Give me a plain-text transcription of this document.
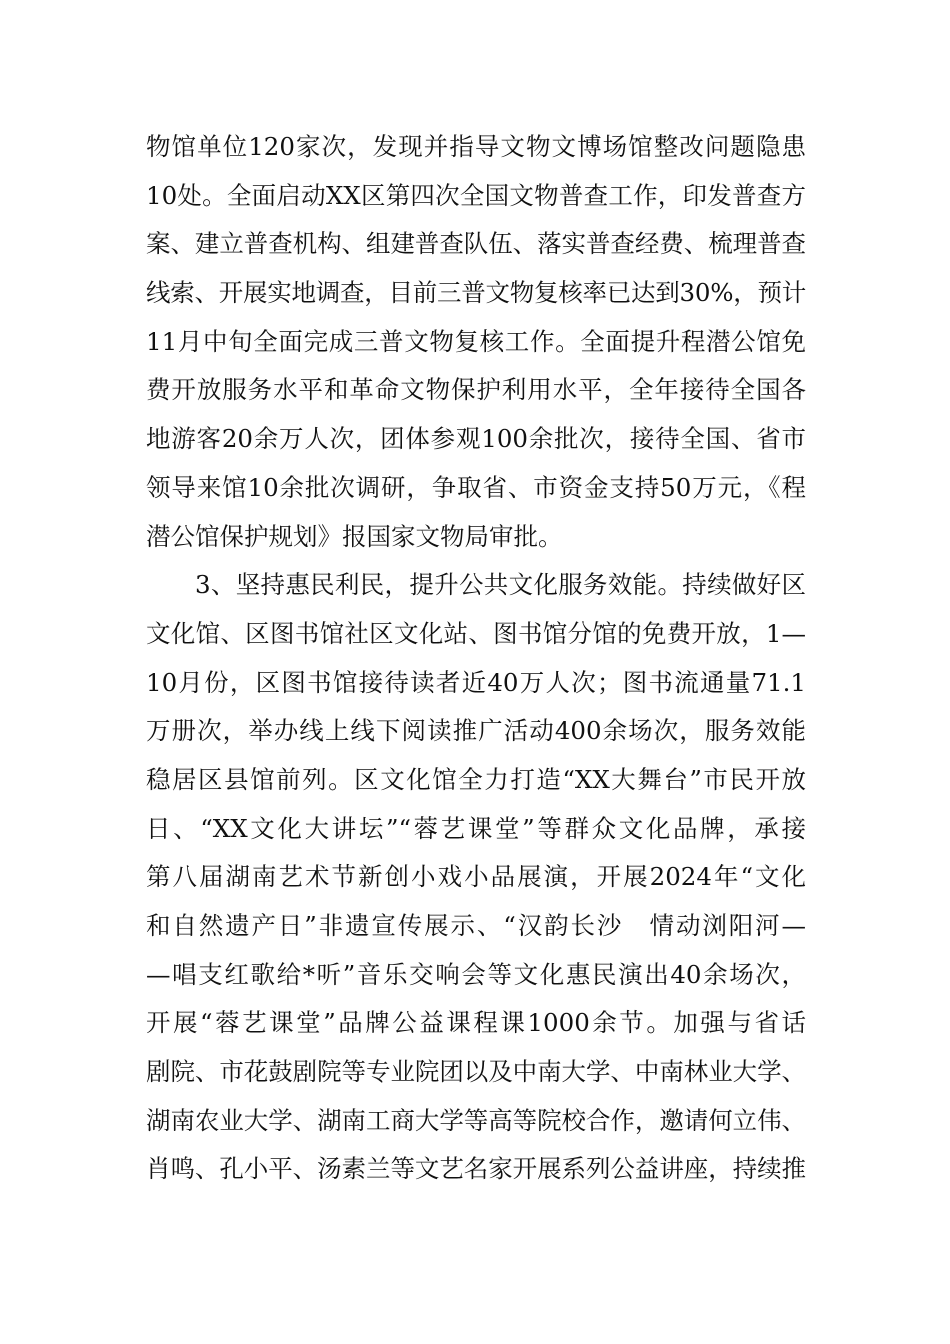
物馆单位120家次，发现并指导文物文博场馆整改问题隐患
10处。全面启动XX区第四次全国文物普查工作，印发普查方
案、建立普查机构、组建普查队伍、落实普查经费、梳理普查
线索、开展实地调查，目前三普文物复核率已达到30%，预计
11月中旬全面完成三普文物复核工作。全面提升程潜公馆免
费开放服务水平和革命文物保护利用水平，全年接待全国各
地游客20余万人次，团体参观100余批次，接待全国、省市
领导来馆10余批次调研，争取省、市资金支持50万元，《程
潜公馆保护规划》报国家文物局审批。
3、坚持惠民利民，提升公共文化服务效能。持续做好区
文化馆、区图书馆社区文化站、图书馆分馆的免费开放，1—
10月份，区图书馆接待读者近40万人次；图书流通量71.1
万册次，举办线上线下阅读推广活动400余场次，服务效能
稳居区县馆前列。区文化馆全力打造“XX大舞台”市民开放
日、“XX文化大讲坛”“蓉艺课堂”等群众文化品牌，承接
第八届湖南艺术节新创小戏小品展演，开展2024年“文化
和自然遗产日”非遗宣传展示、“汉韵长沙　情动浏阳河—
—唱支红歌给*听”音乐交响会等文化惠民演出40余场次，
开展“蓉艺课堂”品牌公益课程课1000余节。加强与省话
剧院、市花鼓剧院等专业院团以及中南大学、中南林业大学、
湖南农业大学、湖南工商大学等高等院校合作，邀请何立伟、
肖鸣、孔小平、汤素兰等文艺名家开展系列公益讲座，持续推
